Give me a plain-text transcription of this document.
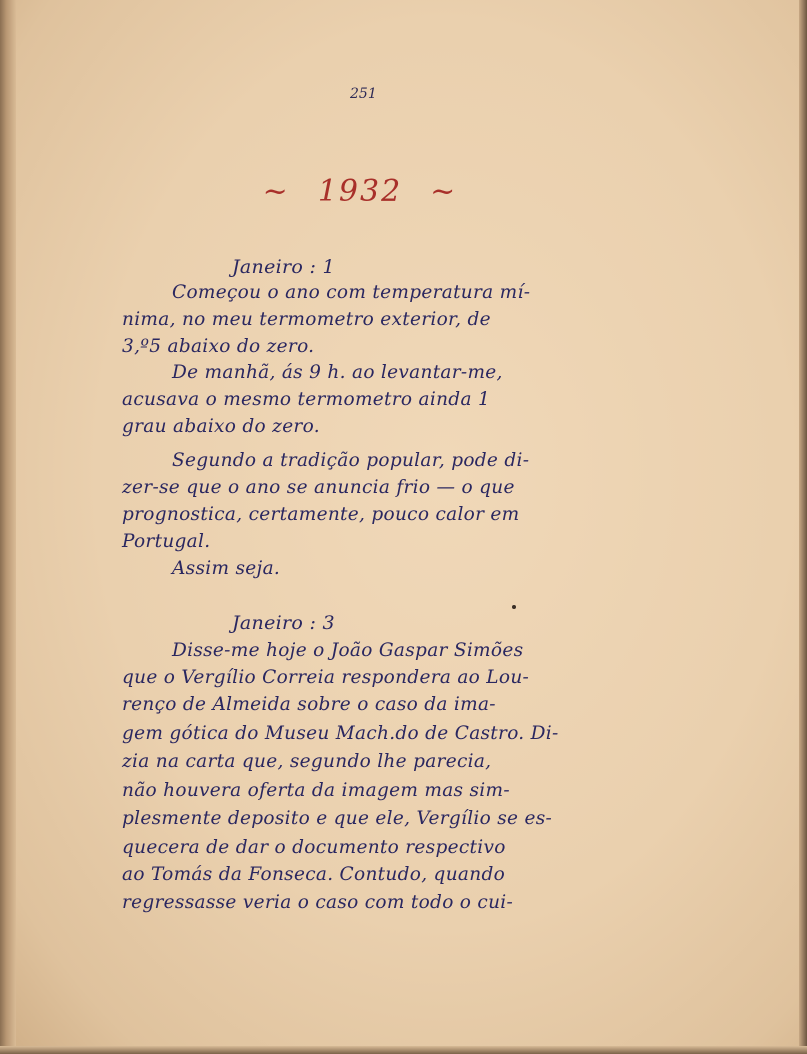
251
~ 1932 ~
Janeiro : 1
Começou o ano com temperatura mí-
nima, no meu termometro exterior, de
3,º5 abaixo do zero.
De manhã, ás 9 h. ao levantar-me,
acusava o mesmo termometro ainda 1
grau abaixo do zero.
Segundo a tradição popular, pode di-
zer-se que o ano se anuncia frio — o que
prognostica, certamente, pouco calor em
Portugal.
Assim seja.
Janeiro : 3
Disse-me hoje o João Gaspar Simões
que o Vergílio Correia respondera ao Lou-
renço de Almeida sobre o caso da ima-
gem gótica do Museu Mach.do de Castro. Di-
zia na carta que, segundo lhe parecia,
não houvera oferta da imagem mas sim-
plesmente deposito e que ele, Vergílio se es-
quecera de dar o documento respectivo
ao Tomás da Fonseca. Contudo, quando
regressasse veria o caso com todo o cui-
